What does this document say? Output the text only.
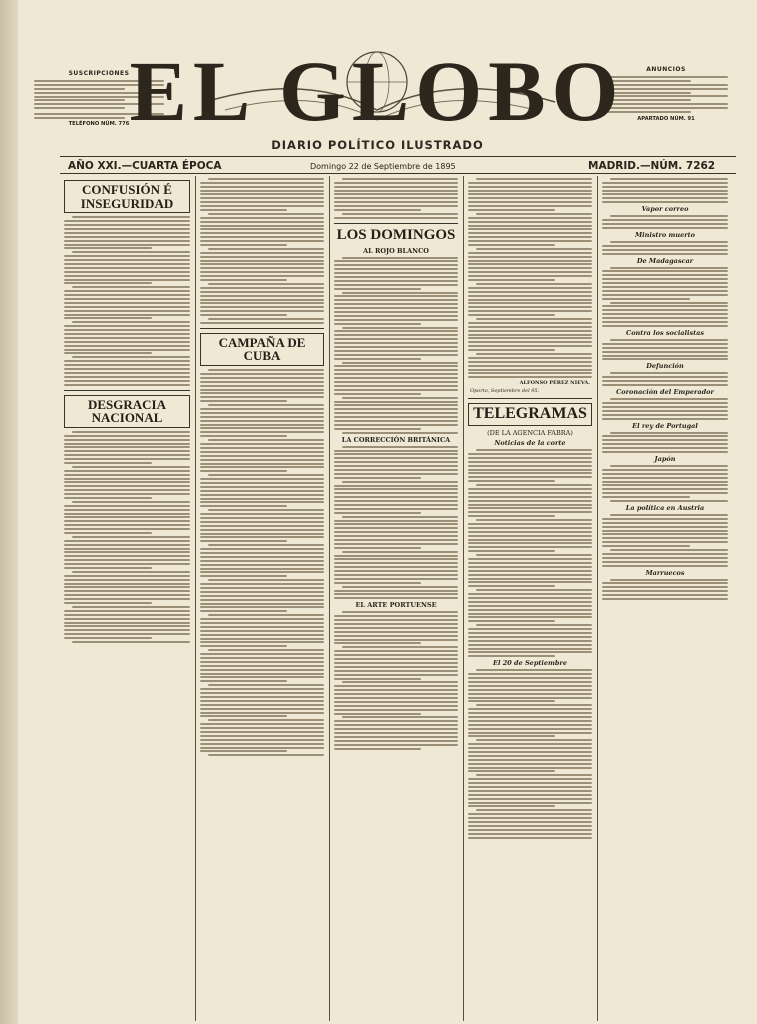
SUSCRIPCIONES
TELÉFONO NÚM. 776
ANUNCIOS
APARTADO NÚM. 91
EL GLOBO
DIARIO POLÍTICO ILUSTRADO
AÑO XXI.—CUARTA ÉPOCA	Domingo 22 de Septiembre de 1895	MADRID.—NÚM. 7262
CONFUSIÓN É INSEGURIDAD
DESGRACIA NACIONAL
CAMPAÑA DE CUBA
LOS DOMINGOS
AL ROJO BLANCO
LA CORRECCIÓN BRITÁNICA
EL ARTE PORTUENSE
ALFONSO PÉREZ NIEVA.
Oporto, Septiembre del 95.
TELEGRAMAS
(DE LA AGENCIA FABRA)
Noticias de la corte
El 20 de Septiembre
Vapor correo
Ministro muerto
De Madagascar
Contra los socialistas
Defunción
Coronación del Emperador
El rey de Portugal
Japón
La política en Austria
Marruecos
